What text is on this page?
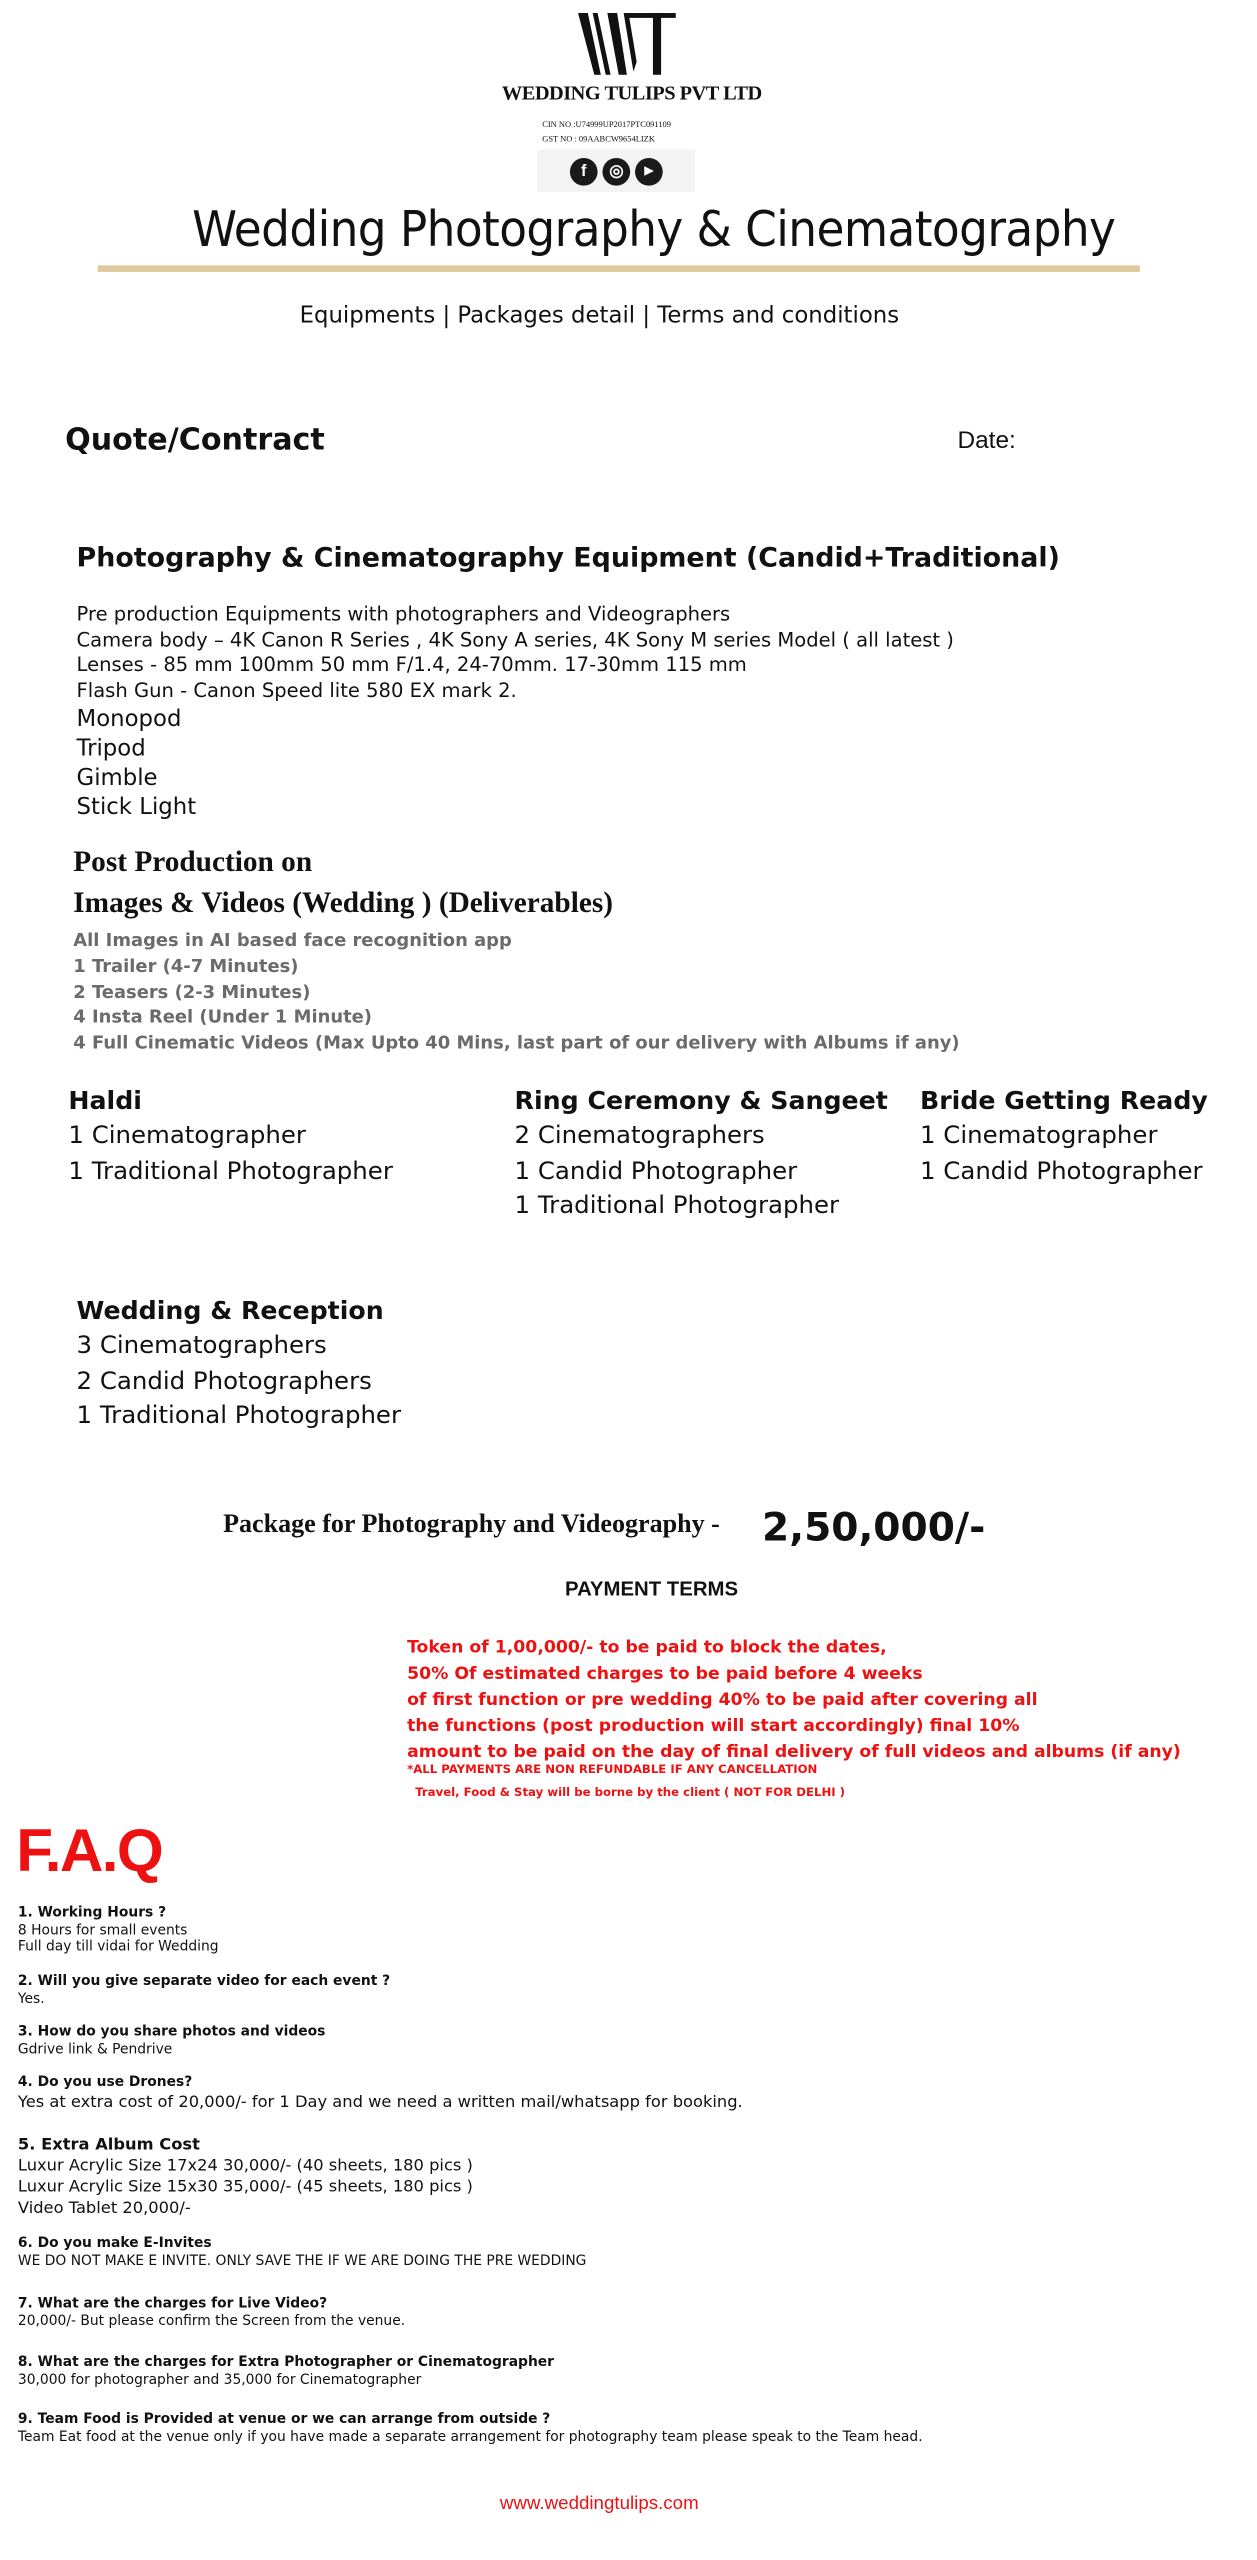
WEDDING TULIPS PVT LTD
CIN NO :U74999UP2017PTC091109
GST NO : 09AABCW9654LIZK
f	◎	▶
Wedding Photography & Cinematography
Equipments | Packages detail | Terms and conditions
Quote/Contract	Date:
Photography & Cinematography Equipment (Candid+Traditional)
Pre production Equipments with photographers and Videographers
Camera body – 4K Canon R Series , 4K Sony A series, 4K Sony M series Model ( all latest )
Lenses - 85 mm 100mm 50 mm F/1.4, 24-70mm. 17-30mm 115 mm
Flash Gun - Canon Speed lite 580 EX mark 2.
Monopod
Tripod
Gimble
Stick Light
Post Production on
Images & Videos (Wedding ) (Deliverables)
All Images in AI based face recognition app
1 Trailer (4-7 Minutes)
2 Teasers (2-3 Minutes)
4 Insta Reel (Under 1 Minute)
4 Full Cinematic Videos (Max Upto 40 Mins, last part of our delivery with Albums if any)
Haldi
1 Cinematographer
1 Traditional Photographer
Ring Ceremony & Sangeet
2 Cinematographers
1 Candid Photographer
1 Traditional Photographer
Bride Getting Ready
1 Cinematographer
1 Candid Photographer
Wedding & Reception
3 Cinematographers
2 Candid Photographers
1 Traditional Photographer
Package for Photography and Videography - 2,50,000/-
PAYMENT TERMS
Token of 1,00,000/- to be paid to block the dates,
50% Of estimated charges to be paid before 4 weeks
of first function or pre wedding 40% to be paid after covering all
the functions (post production will start accordingly) final 10%
amount to be paid on the day of final delivery of full videos and albums (if any)
*ALL PAYMENTS ARE NON REFUNDABLE IF ANY CANCELLATION
Travel, Food & Stay will be borne by the client ( NOT FOR DELHI )
F.A.Q
1. Working Hours ?
8 Hours for small events
Full day till vidai for Wedding
2. Will you give separate video for each event ?
Yes.
3. How do you share photos and videos
Gdrive link & Pendrive
4. Do you use Drones?
Yes at extra cost of 20,000/- for 1 Day and we need a written mail/whatsapp for booking.
5. Extra Album Cost
Luxur Acrylic Size 17x24 30,000/- (40 sheets, 180 pics )
Luxur Acrylic Size 15x30 35,000/- (45 sheets, 180 pics )
Video Tablet 20,000/-
6. Do you make E-Invites
WE DO NOT MAKE E INVITE. ONLY SAVE THE IF WE ARE DOING THE PRE WEDDING
7. What are the charges for Live Video?
20,000/- But please confirm the Screen from the venue.
8. What are the charges for Extra Photographer or Cinematographer
30,000 for photographer and 35,000 for Cinematographer
9. Team Food is Provided at venue or we can arrange from outside ?
Team Eat food at the venue only if you have made a separate arrangement for photography team please speak to the Team head.
www.weddingtulips.com
